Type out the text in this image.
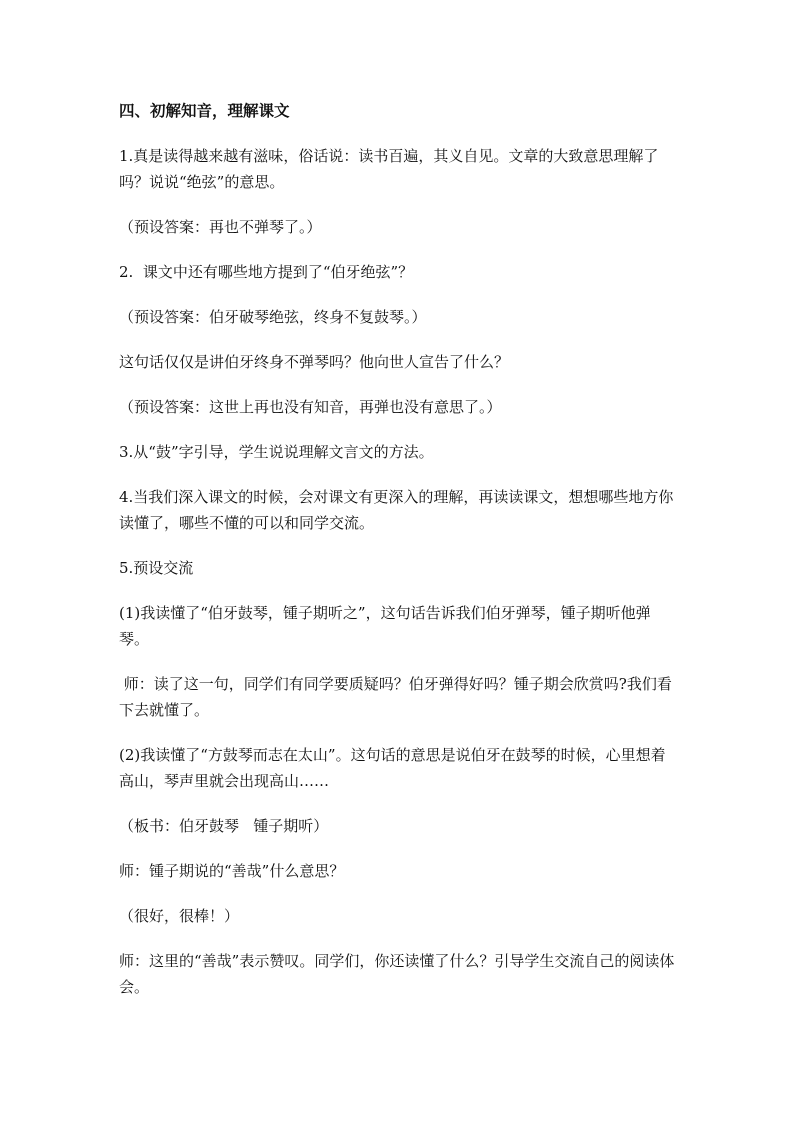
四、初解知音，理解课文
1.真是读得越来越有滋味，俗话说：读书百遍，其义自见。文章的大致意思理解了吗？说说“绝弦”的意思。
（预设答案：再也不弹琴了。）
2.  课文中还有哪些地方提到了“伯牙绝弦”？
（预设答案：伯牙破琴绝弦，终身不复鼓琴。）
这句话仅仅是讲伯牙终身不弹琴吗？他向世人宣告了什么？
（预设答案：这世上再也没有知音，再弹也没有意思了。）
3.从“鼓”字引导，学生说说理解文言文的方法。
4.当我们深入课文的时候，会对课文有更深入的理解，再读读课文，想想哪些地方你读懂了，哪些不懂的可以和同学交流。
5.预设交流
(1)我读懂了“伯牙鼓琴，锺子期听之”，这句话告诉我们伯牙弹琴，锺子期听他弹琴。
师：读了这一句，同学们有同学要质疑吗？伯牙弹得好吗？锺子期会欣赏吗?我们看下去就懂了。
(2)我读懂了“方鼓琴而志在太山”。这句话的意思是说伯牙在鼓琴的时候，心里想着高山，琴声里就会出现高山……
（板书：伯牙鼓琴   锺子期听）
师：锺子期说的“善哉”什么意思？
（很好，很棒！）
师：这里的“善哉”表示赞叹。同学们，你还读懂了什么？引导学生交流自己的阅读体会。
